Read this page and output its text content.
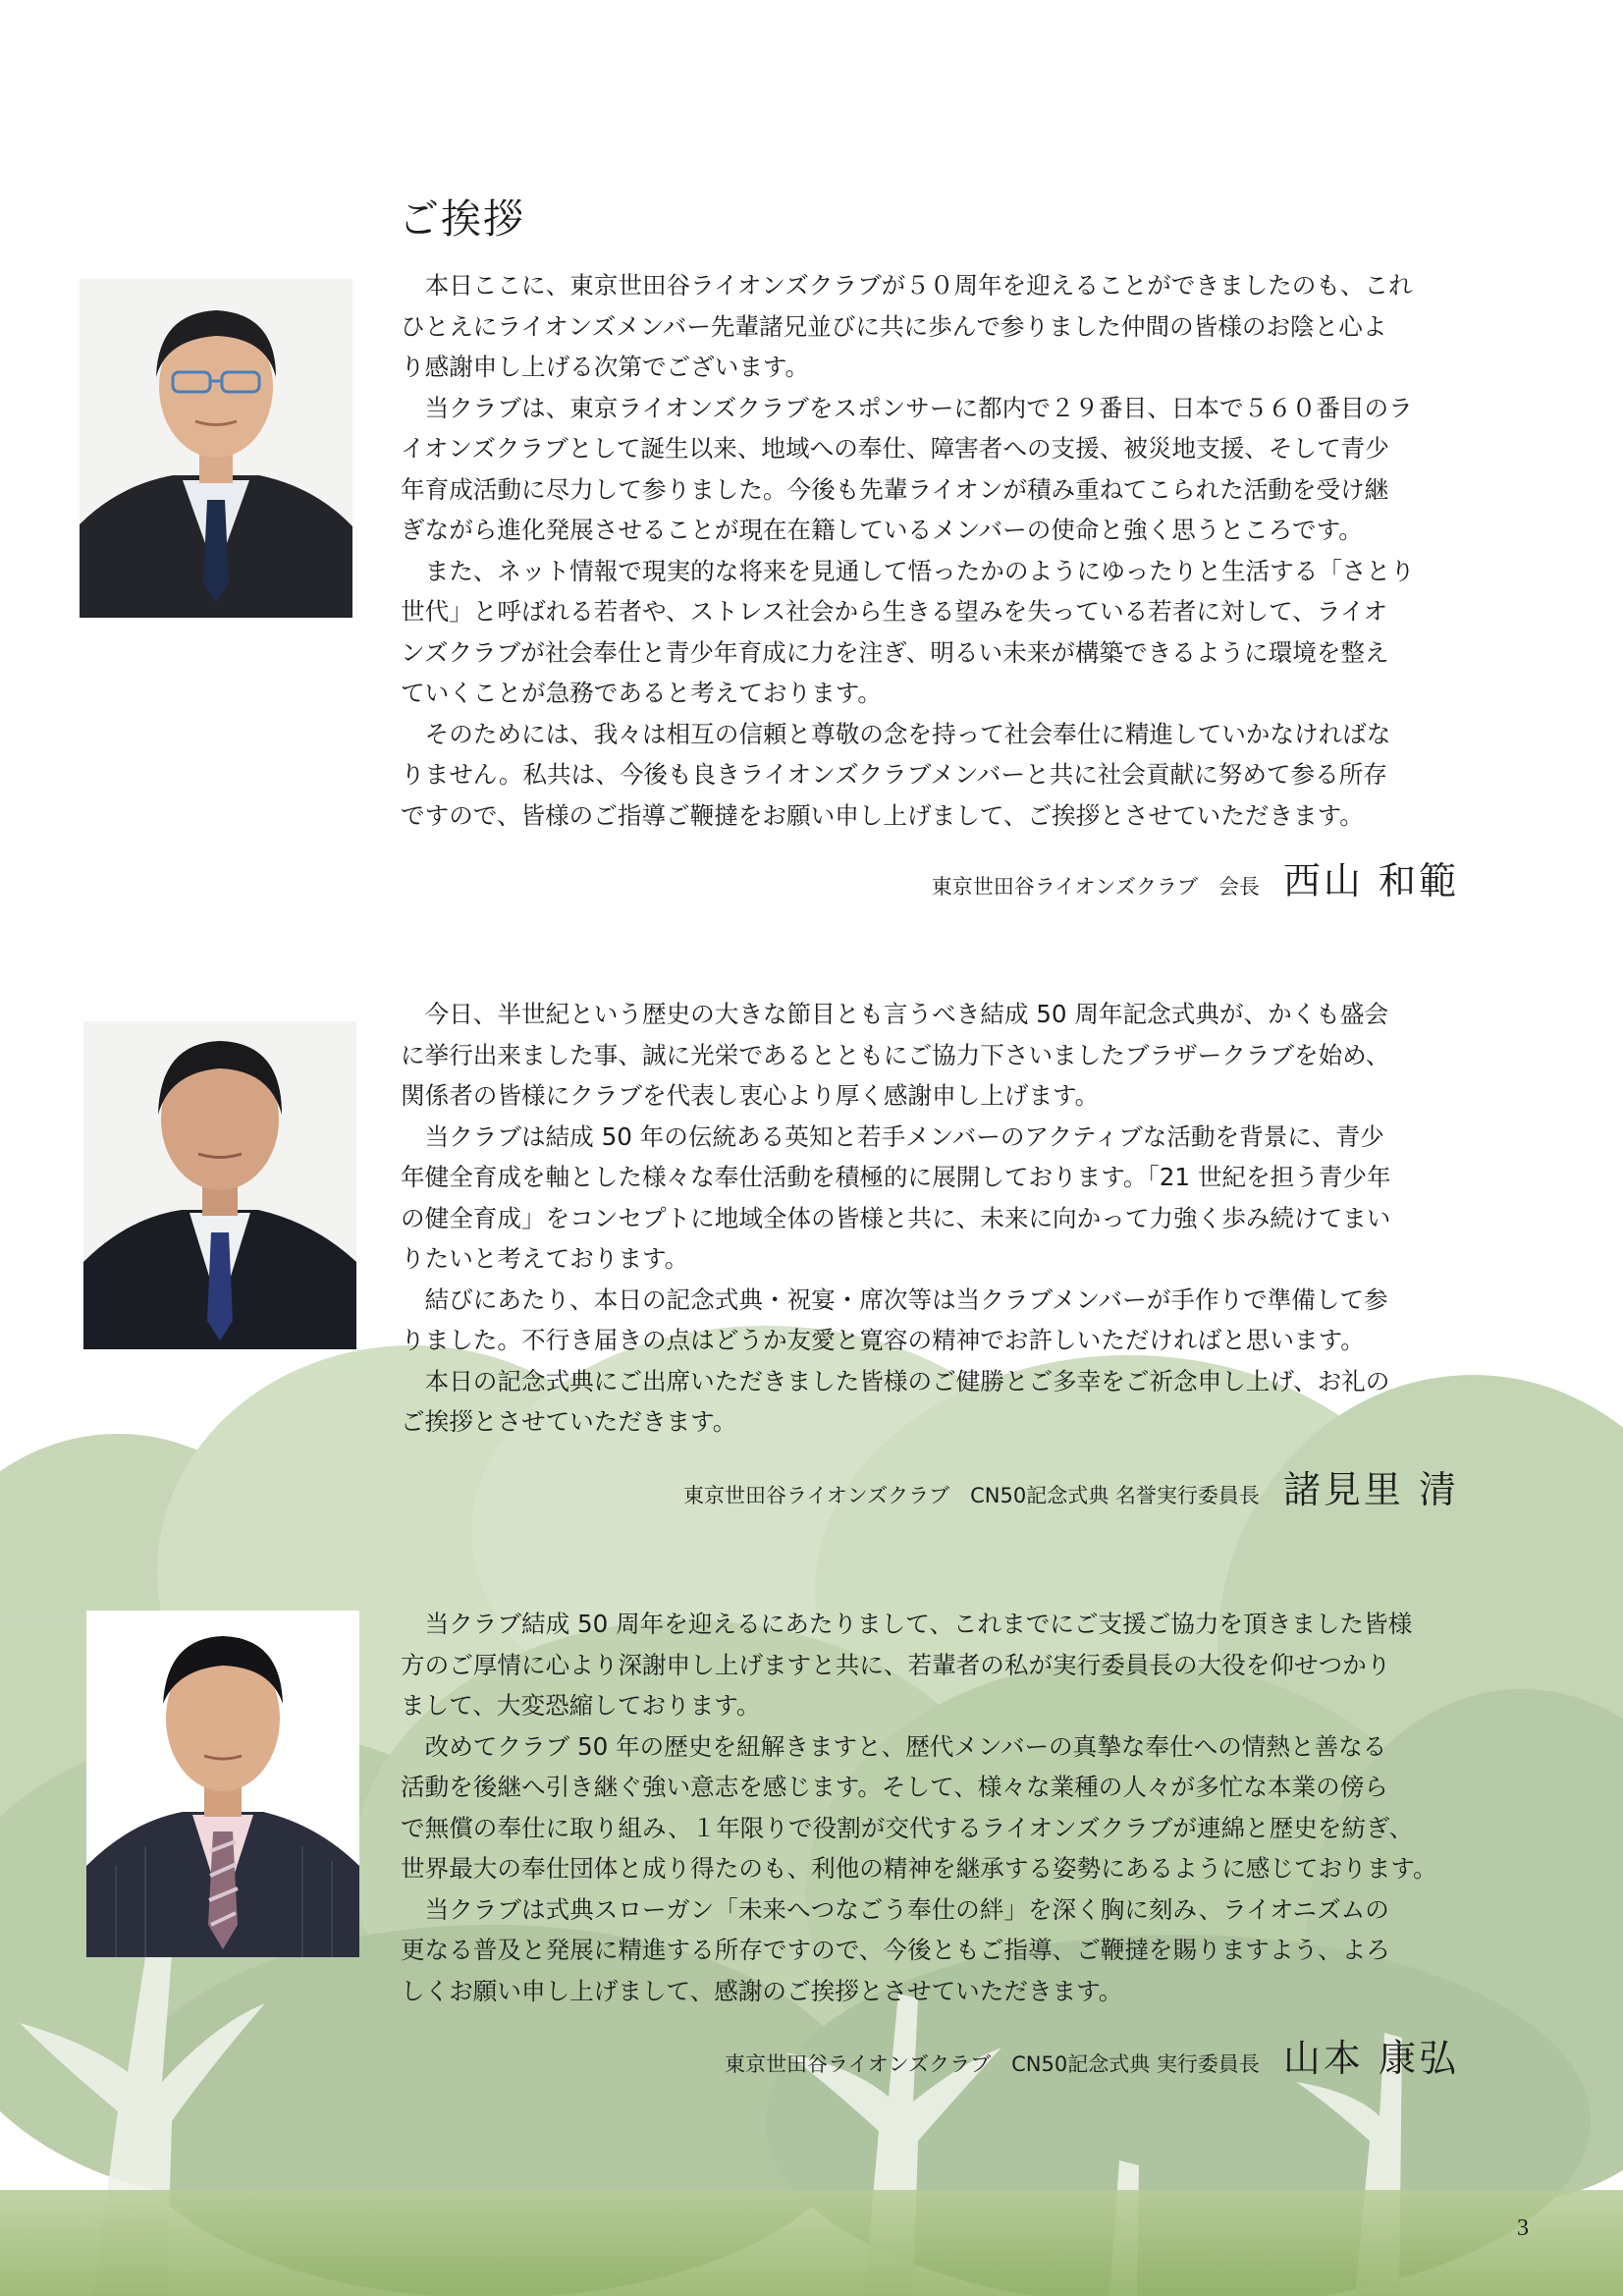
ご挨拶

本日ここに、東京世田谷ライオンズクラブが５０周年を迎えることができましたのも、これ
ひとえにライオンズメンバー先輩諸兄並びに共に歩んで参りました仲間の皆様のお陰と心よ
り感謝申し上げる次第でございます。

当クラブは、東京ライオンズクラブをスポンサーに都内で２９番目、日本で５６０番目のラ
イオンズクラブとして誕生以来、地域への奉仕、障害者への支援、被災地支援、そして青少
年育成活動に尽力して参りました。今後も先輩ライオンが積み重ねてこられた活動を受け継
ぎながら進化発展させることが現在在籍しているメンバーの使命と強く思うところです。

また、ネット情報で現実的な将来を見通して悟ったかのようにゆったりと生活する「さとり
世代」と呼ばれる若者や、ストレス社会から生きる望みを失っている若者に対して、ライオ
ンズクラブが社会奉仕と青少年育成に力を注ぎ、明るい未来が構築できるように環境を整え
ていくことが急務であると考えております。

そのためには、我々は相互の信頼と尊敬の念を持って社会奉仕に精進していかなければな
りません。私共は、今後も良きライオンズクラブメンバーと共に社会貢献に努めて参る所存
ですので、皆様のご指導ご鞭撻をお願い申し上げまして、ご挨拶とさせていただきます。

東京世田谷ライオンズクラブ　会長 西山 和範

今日、半世紀という歴史の大きな節目とも言うべき結成 50 周年記念式典が、かくも盛会
に挙行出来ました事、誠に光栄であるとともにご協力下さいましたブラザークラブを始め、
関係者の皆様にクラブを代表し衷心より厚く感謝申し上げます。

当クラブは結成 50 年の伝統ある英知と若手メンバーのアクティブな活動を背景に、青少
年健全育成を軸とした様々な奉仕活動を積極的に展開しております。「21 世紀を担う青少年
の健全育成」をコンセプトに地域全体の皆様と共に、未来に向かって力強く歩み続けてまい
りたいと考えております。

結びにあたり、本日の記念式典・祝宴・席次等は当クラブメンバーが手作りで準備して参
りました。不行き届きの点はどうか友愛と寛容の精神でお許しいただければと思います。

本日の記念式典にご出席いただきました皆様のご健勝とご多幸をご祈念申し上げ、お礼の
ご挨拶とさせていただきます。

東京世田谷ライオンズクラブ　CN50記念式典 名誉実行委員長 諸見里 清

当クラブ結成 50 周年を迎えるにあたりまして、これまでにご支援ご協力を頂きました皆様
方のご厚情に心より深謝申し上げますと共に、若輩者の私が実行委員長の大役を仰せつかり
まして、大変恐縮しております。

改めてクラブ 50 年の歴史を紐解きますと、歴代メンバーの真摯な奉仕への情熱と善なる
活動を後継へ引き継ぐ強い意志を感じます。そして、様々な業種の人々が多忙な本業の傍ら
で無償の奉仕に取り組み、１年限りで役割が交代するライオンズクラブが連綿と歴史を紡ぎ、
世界最大の奉仕団体と成り得たのも、利他の精神を継承する姿勢にあるように感じております。

当クラブは式典スローガン「未来へつなごう奉仕の絆」を深く胸に刻み、ライオニズムの
更なる普及と発展に精進する所存ですので、今後ともご指導、ご鞭撻を賜りますよう、よろ
しくお願い申し上げまして、感謝のご挨拶とさせていただきます。

東京世田谷ライオンズクラブ　CN50記念式典 実行委員長 山本 康弘
3
